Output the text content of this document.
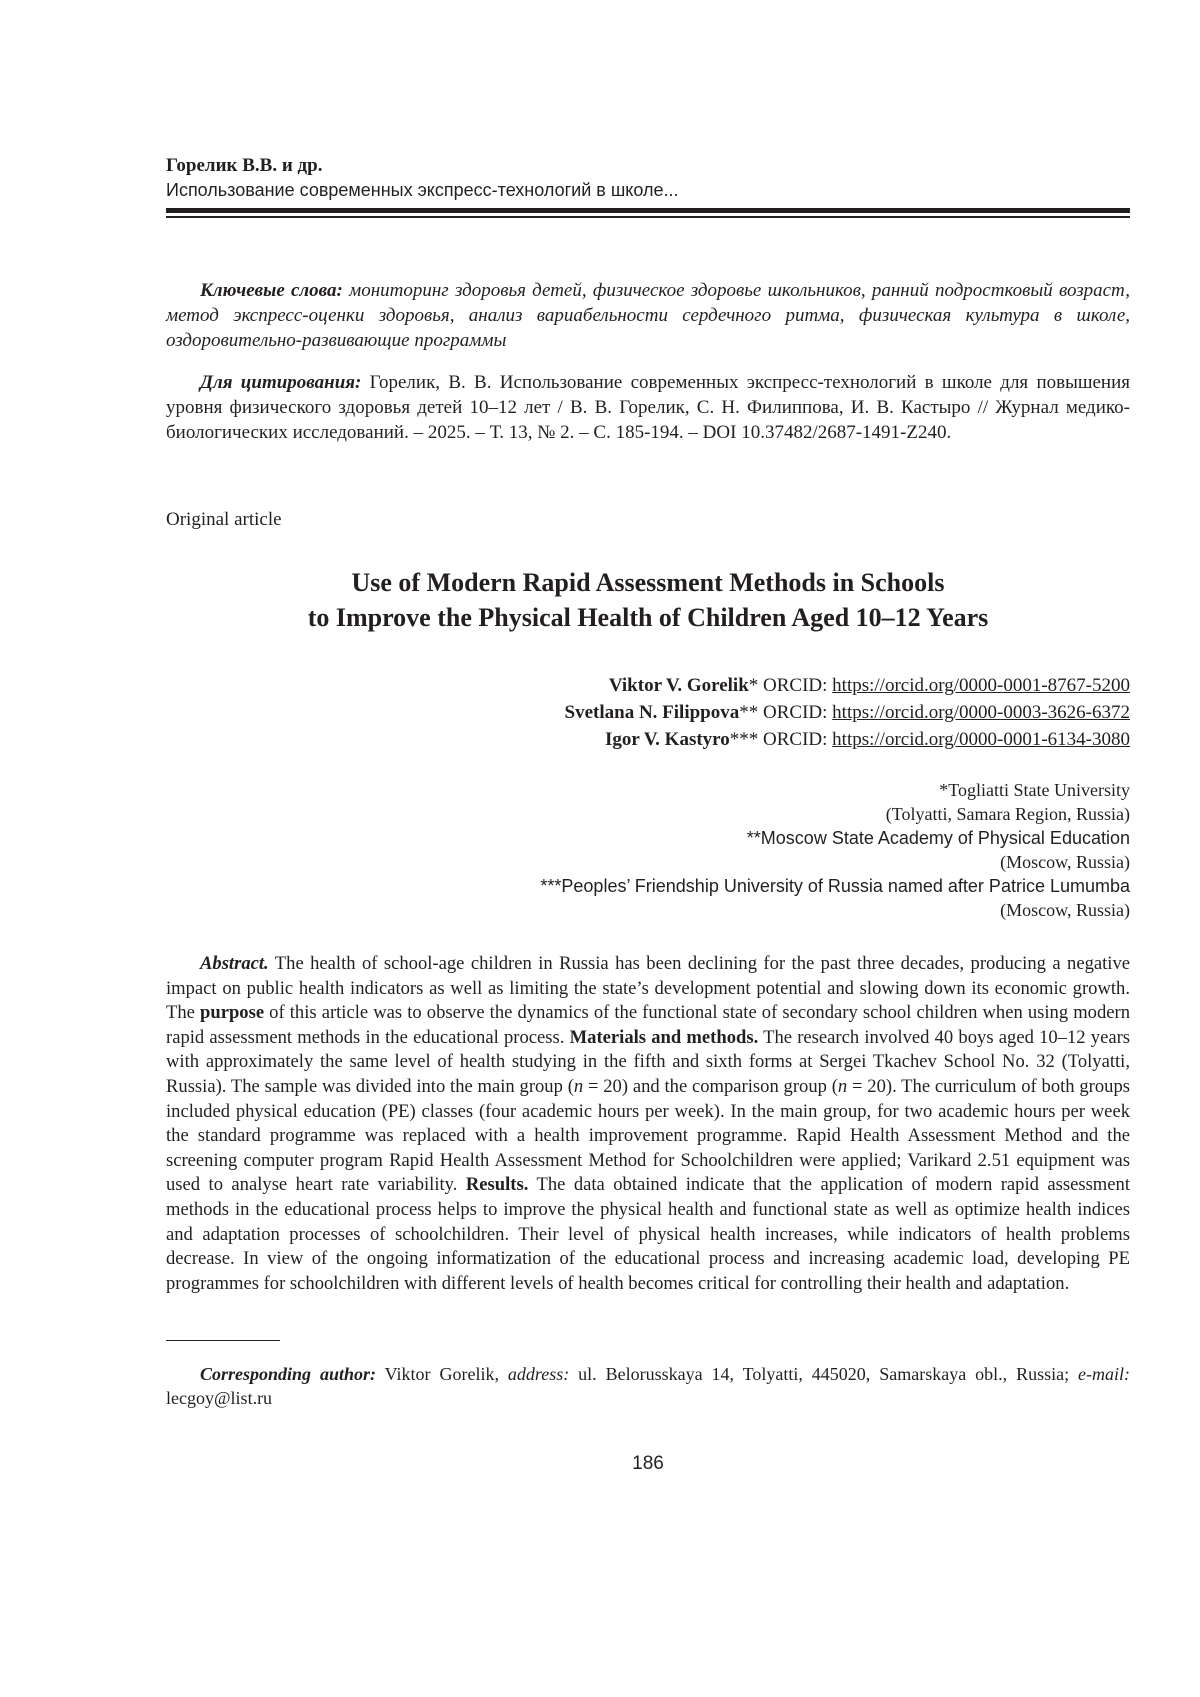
Горелик В.В. и др.
Использование современных экспресс-технологий в школе...
Ключевые слова: мониторинг здоровья детей, физическое здоровье школьников, ранний подростковый возраст, метод экспресс-оценки здоровья, анализ вариабельности сердечного ритма, физическая культура в школе, оздоровительно-развивающие программы
Для цитирования: Горелик, В. В. Использование современных экспресс-технологий в школе для повышения уровня физического здоровья детей 10–12 лет / В. В. Горелик, С. Н. Филиппова, И. В. Кастыро // Журнал медико-биологических исследований. – 2025. – Т. 13, № 2. – С. 185-194. – DOI 10.37482/2687-1491-Z240.
Original article
Use of Modern Rapid Assessment Methods in Schools
to Improve the Physical Health of Children Aged 10–12 Years
Viktor V. Gorelik* ORCID: https://orcid.org/0000-0001-8767-5200
Svetlana N. Filippova** ORCID: https://orcid.org/0000-0003-3626-6372
Igor V. Kastyro*** ORCID: https://orcid.org/0000-0001-6134-3080
*Togliatti State University
(Tolyatti, Samara Region, Russia)
**Moscow State Academy of Physical Education
(Moscow, Russia)
***Peoples’ Friendship University of Russia named after Patrice Lumumba
(Moscow, Russia)
Abstract. The health of school-age children in Russia has been declining for the past three decades, producing a negative impact on public health indicators as well as limiting the state’s development potential and slowing down its economic growth. The purpose of this article was to observe the dynamics of the functional state of secondary school children when using modern rapid assessment methods in the educational process. Materials and methods. The research involved 40 boys aged 10–12 years with approximately the same level of health studying in the fifth and sixth forms at Sergei Tkachev School No. 32 (Tolyatti, Russia). The sample was divided into the main group (n = 20) and the comparison group (n = 20). The curriculum of both groups included physical education (PE) classes (four academic hours per week). In the main group, for two academic hours per week the standard programme was replaced with a health improvement programme. Rapid Health Assessment Method and the screening computer program Rapid Health Assessment Method for Schoolchildren were applied; Varikard 2.51 equipment was used to analyse heart rate variability. Results. The data obtained indicate that the application of modern rapid assessment methods in the educational process helps to improve the physical health and functional state as well as optimize health indices and adaptation processes of schoolchildren. Their level of physical health increases, while indicators of health problems decrease. In view of the ongoing informatization of the educational process and increasing academic load, developing PE programmes for schoolchildren with different levels of health becomes critical for controlling their health and adaptation.
Corresponding author: Viktor Gorelik, address: ul. Belorusskaya 14, Tolyatti, 445020, Samarskaya obl., Russia; e-mail: lecgoy@list.ru
186
